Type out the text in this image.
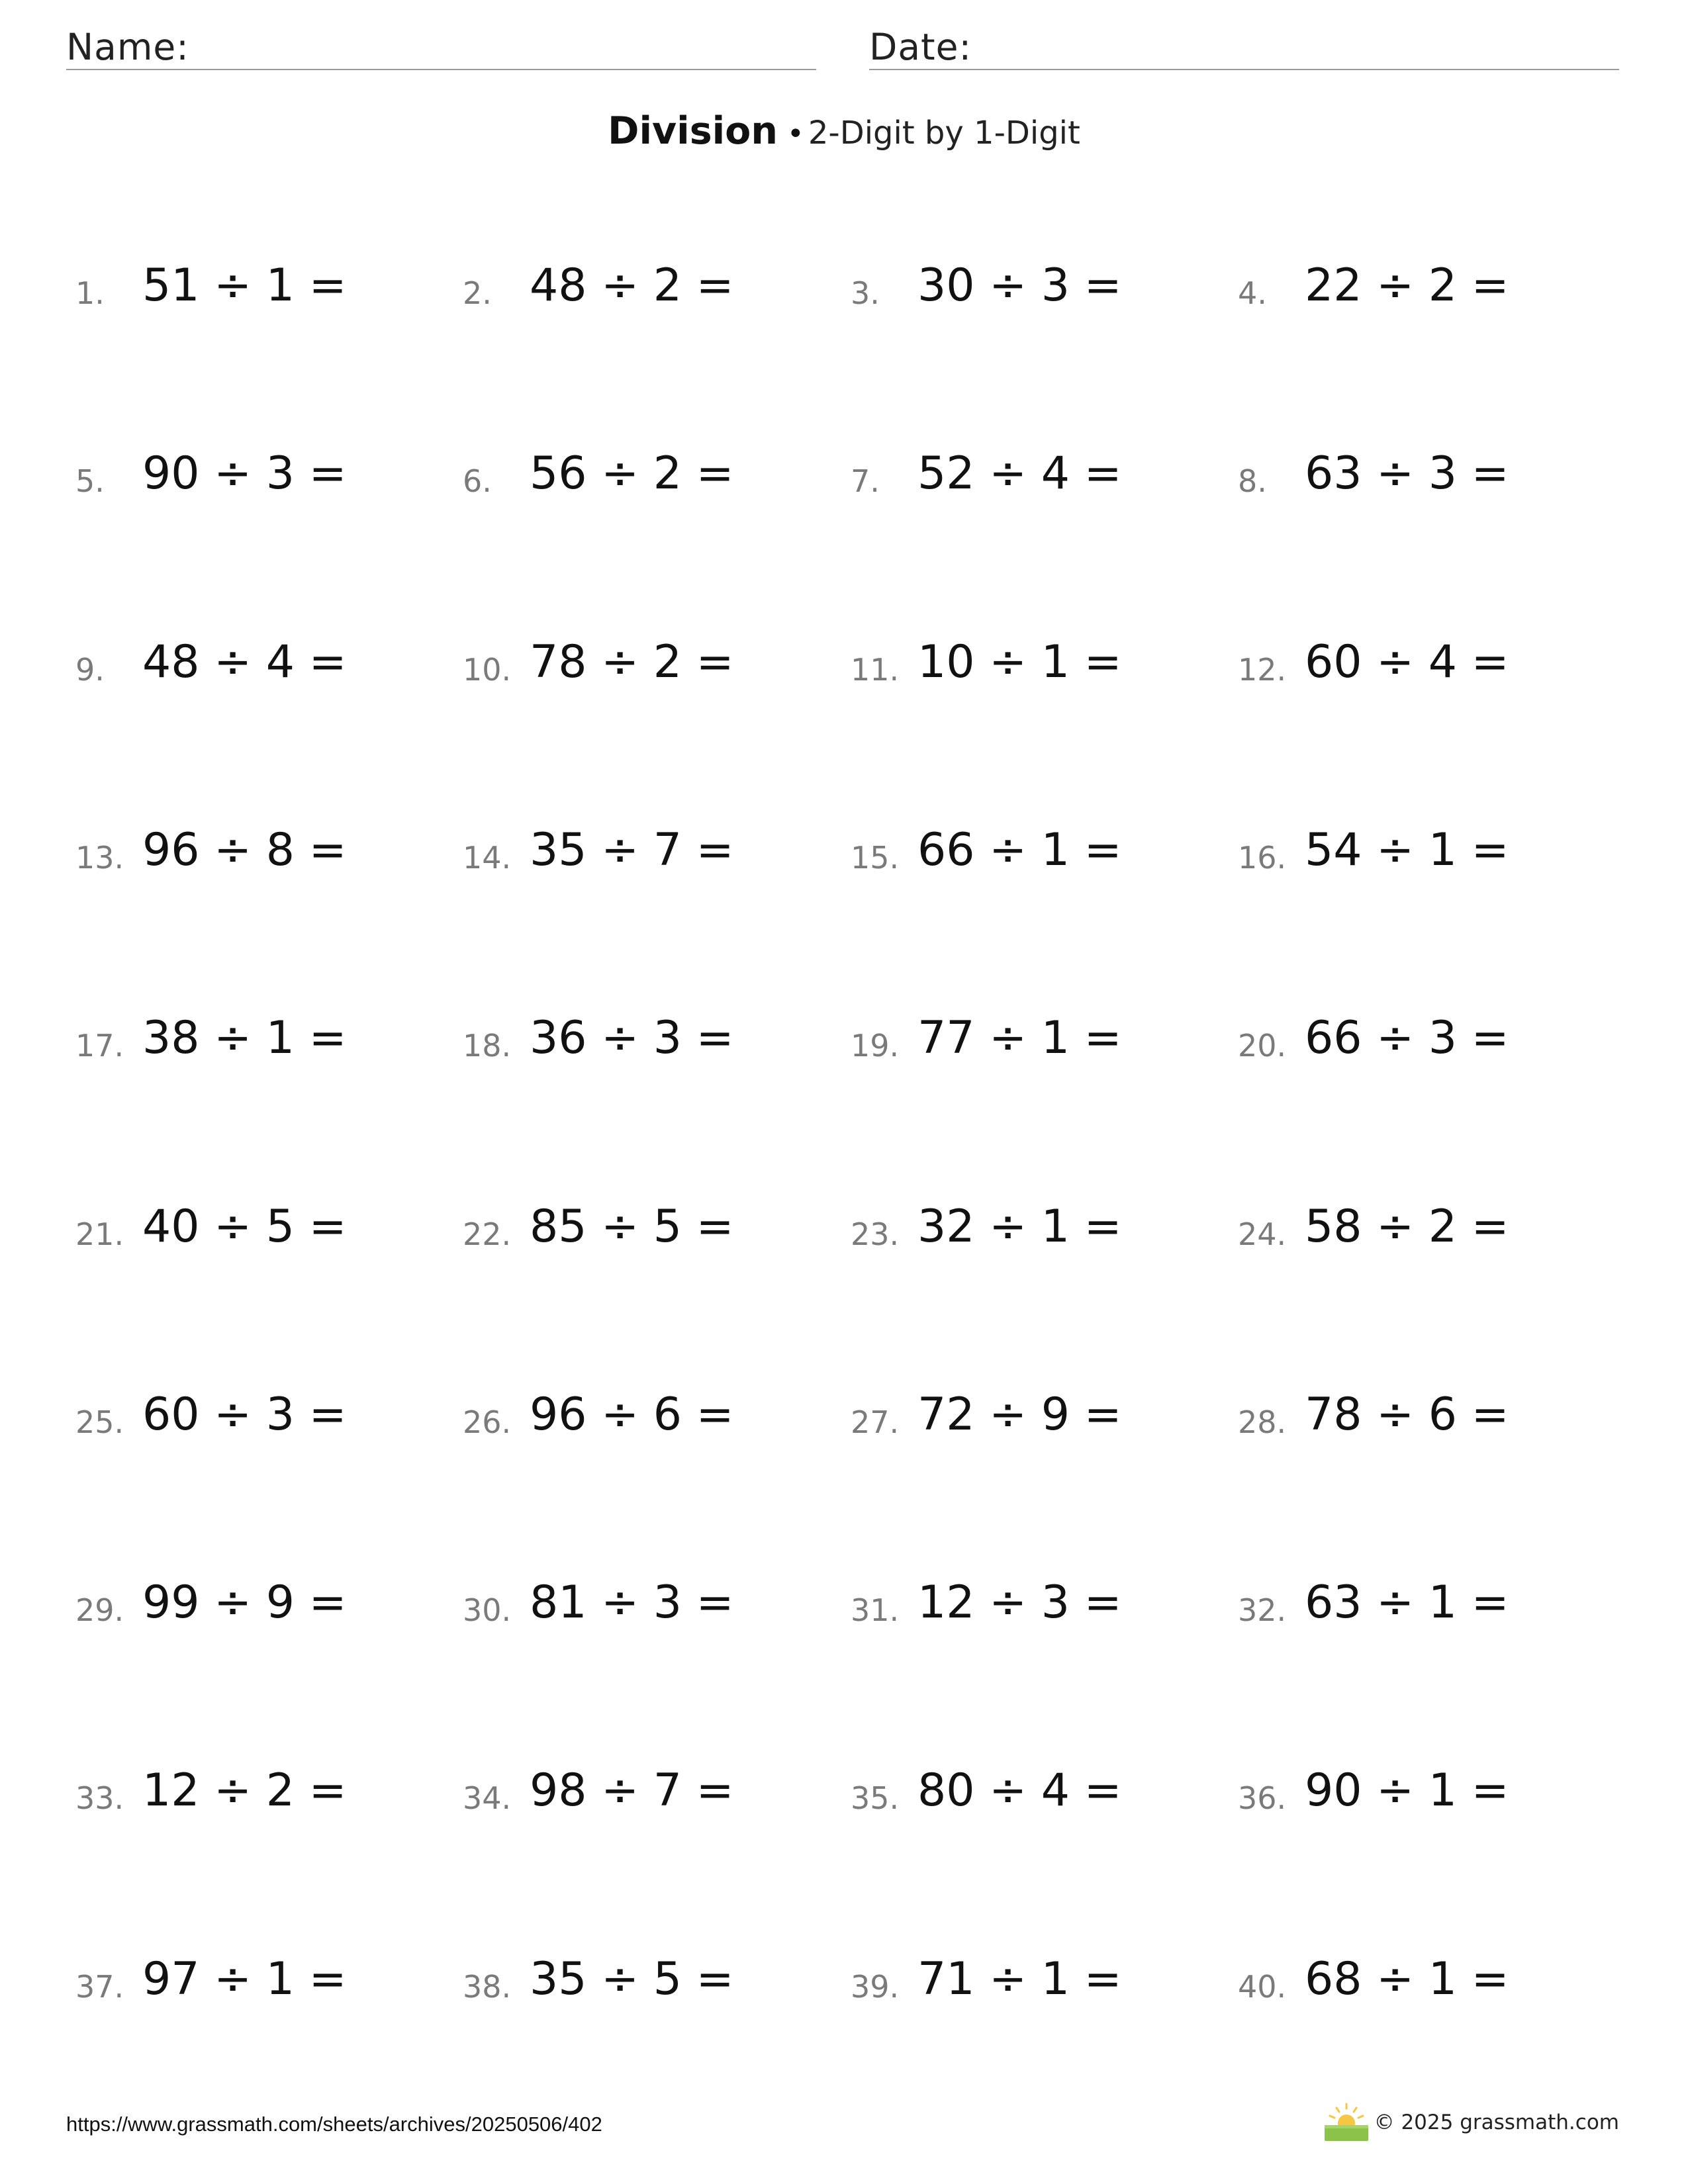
Name:	Date:
Division • 2-Digit by 1-Digit
1. 51 ÷ 1 =	2. 48 ÷ 2 =	3. 30 ÷ 3 =	4. 22 ÷ 2 =
5. 90 ÷ 3 =	6. 56 ÷ 2 =	7. 52 ÷ 4 =	8. 63 ÷ 3 =
9. 48 ÷ 4 =	10. 78 ÷ 2 =	11. 10 ÷ 1 =	12. 60 ÷ 4 =
13. 96 ÷ 8 =	14. 35 ÷ 7 =	15. 66 ÷ 1 =	16. 54 ÷ 1 =
17. 38 ÷ 1 =	18. 36 ÷ 3 =	19. 77 ÷ 1 =	20. 66 ÷ 3 =
21. 40 ÷ 5 =	22. 85 ÷ 5 =	23. 32 ÷ 1 =	24. 58 ÷ 2 =
25. 60 ÷ 3 =	26. 96 ÷ 6 =	27. 72 ÷ 9 =	28. 78 ÷ 6 =
29. 99 ÷ 9 =	30. 81 ÷ 3 =	31. 12 ÷ 3 =	32. 63 ÷ 1 =
33. 12 ÷ 2 =	34. 98 ÷ 7 =	35. 80 ÷ 4 =	36. 90 ÷ 1 =
37. 97 ÷ 1 =	38. 35 ÷ 5 =	39. 71 ÷ 1 =	40. 68 ÷ 1 =
https://www.grassmath.com/sheets/archives/20250506/402	© 2025 grassmath.com
